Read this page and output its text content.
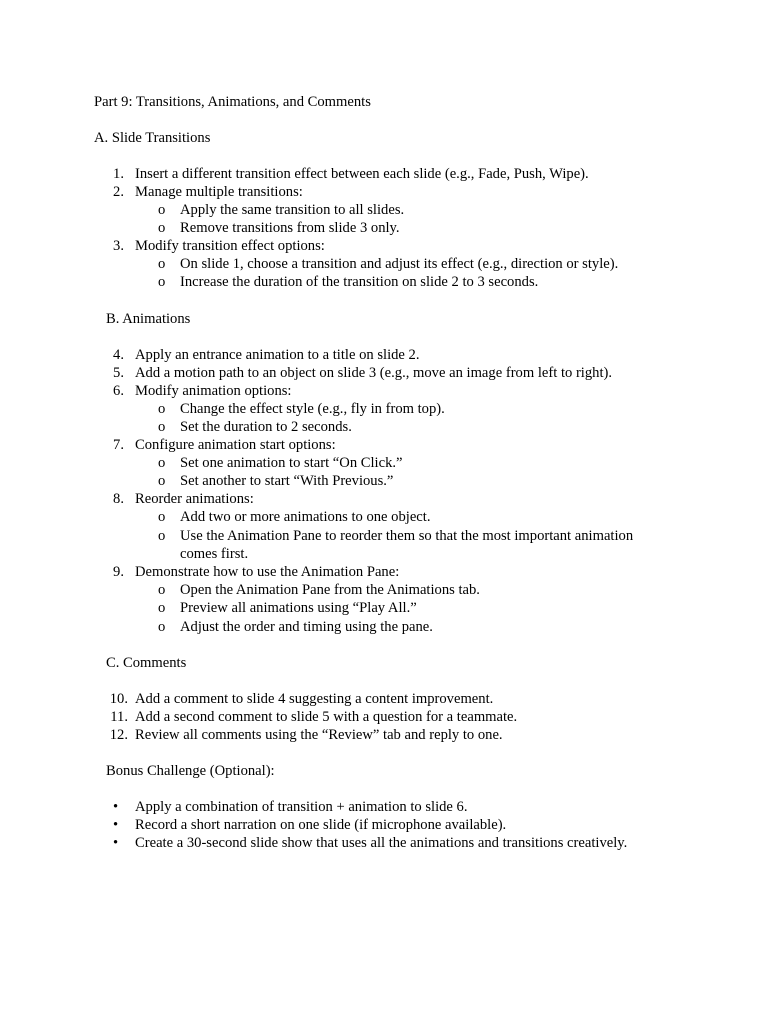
Part 9: Transitions, Animations, and Comments
A. Slide Transitions
1. Insert a different transition effect between each slide (e.g., Fade, Push, Wipe).
2. Manage multiple transitions:
o Apply the same transition to all slides.
o Remove transitions from slide 3 only.
3. Modify transition effect options:
o On slide 1, choose a transition and adjust its effect (e.g., direction or style).
o Increase the duration of the transition on slide 2 to 3 seconds.
B. Animations
4. Apply an entrance animation to a title on slide 2.
5. Add a motion path to an object on slide 3 (e.g., move an image from left to right).
6. Modify animation options:
o Change the effect style (e.g., fly in from top).
o Set the duration to 2 seconds.
7. Configure animation start options:
o Set one animation to start “On Click.”
o Set another to start “With Previous.”
8. Reorder animations:
o Add two or more animations to one object.
o Use the Animation Pane to reorder them so that the most important animation
comes first.
9. Demonstrate how to use the Animation Pane:
o Open the Animation Pane from the Animations tab.
o Preview all animations using “Play All.”
o Adjust the order and timing using the pane.
C. Comments
10. Add a comment to slide 4 suggesting a content improvement.
11. Add a second comment to slide 5 with a question for a teammate.
12. Review all comments using the “Review” tab and reply to one.
Bonus Challenge (Optional):
• Apply a combination of transition + animation to slide 6.
• Record a short narration on one slide (if microphone available).
• Create a 30-second slide show that uses all the animations and transitions creatively.
